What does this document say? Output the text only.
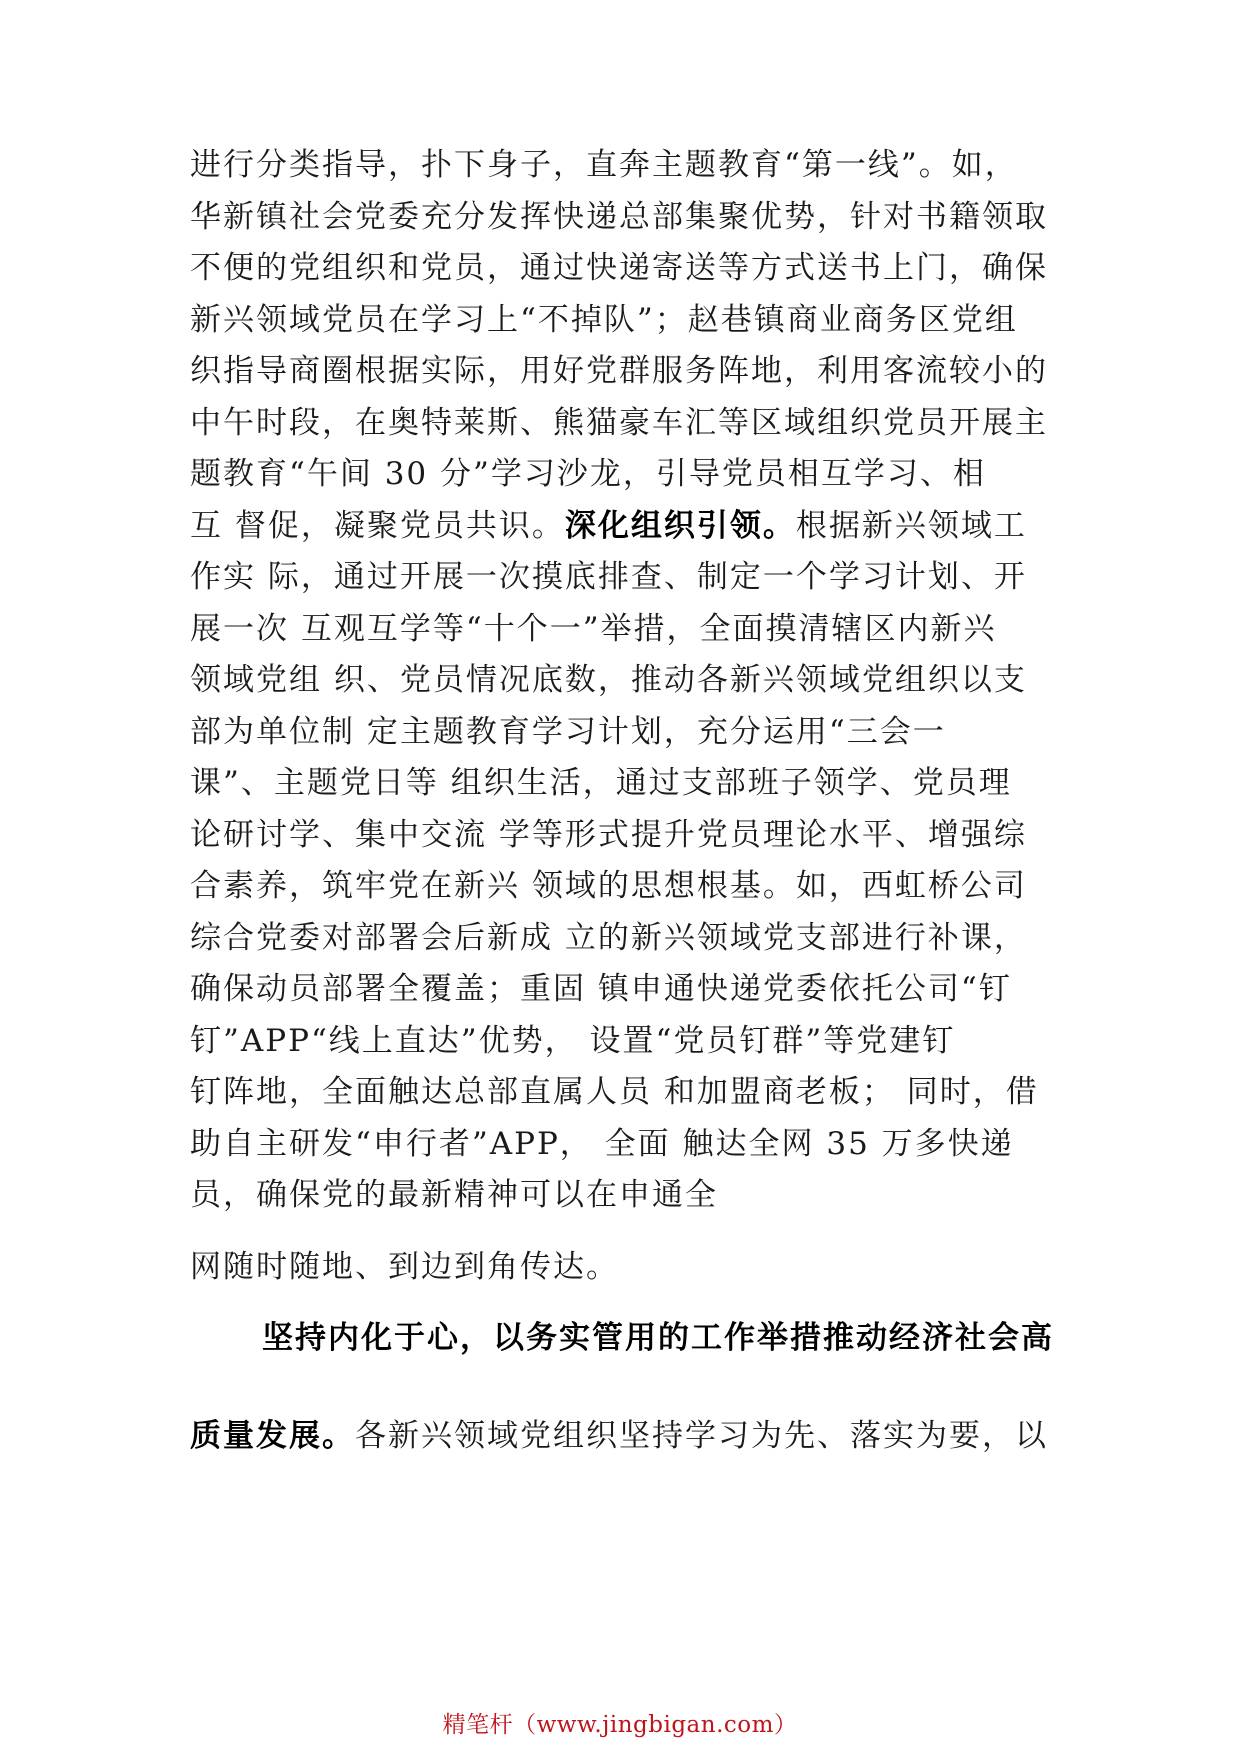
进行分类指导，扑下身子，直奔主题教育“第一线”。如，
华新镇社会党委充分发挥快递总部集聚优势，针对书籍领取
不便的党组织和党员，通过快递寄送等方式送书上门，确保
新兴领域党员在学习上“不掉队”；赵巷镇商业商务区党组
织指导商圈根据实际，用好党群服务阵地，利用客流较小的
中午时段，在奥特莱斯、熊猫豪车汇等区域组织党员开展主
题教育“午间 30 分”学习沙龙，引导党员相互学习、相
互 督促，凝聚党员共识。深化组织引领。根据新兴领域工
作实 际，通过开展一次摸底排查、制定一个学习计划、开
展一次 互观互学等“十个一”举措，全面摸清辖区内新兴
领域党组 织、党员情况底数，推动各新兴领域党组织以支
部为单位制 定主题教育学习计划，充分运用“三会一
课”、主题党日等 组织生活，通过支部班子领学、党员理
论研讨学、集中交流 学等形式提升党员理论水平、增强综
合素养，筑牢党在新兴 领域的思想根基。如，西虹桥公司
综合党委对部署会后新成 立的新兴领域党支部进行补课，
确保动员部署全覆盖；重固 镇申通快递党委依托公司“钉
钉”APP“线上直达”优势， 设置“党员钉群”等党建钉
钉阵地，全面触达总部直属人员 和加盟商老板； 同时，借
助自主研发“申行者”APP， 全面 触达全网 35 万多快递
员，确保党的最新精神可以在申通全
网随时随地、到边到角传达。
坚持内化于心，以务实管用的工作举措推动经济社会高
质量发展。各新兴领域党组织坚持学习为先、落实为要，以
精笔杆（www.jingbigan.com）
